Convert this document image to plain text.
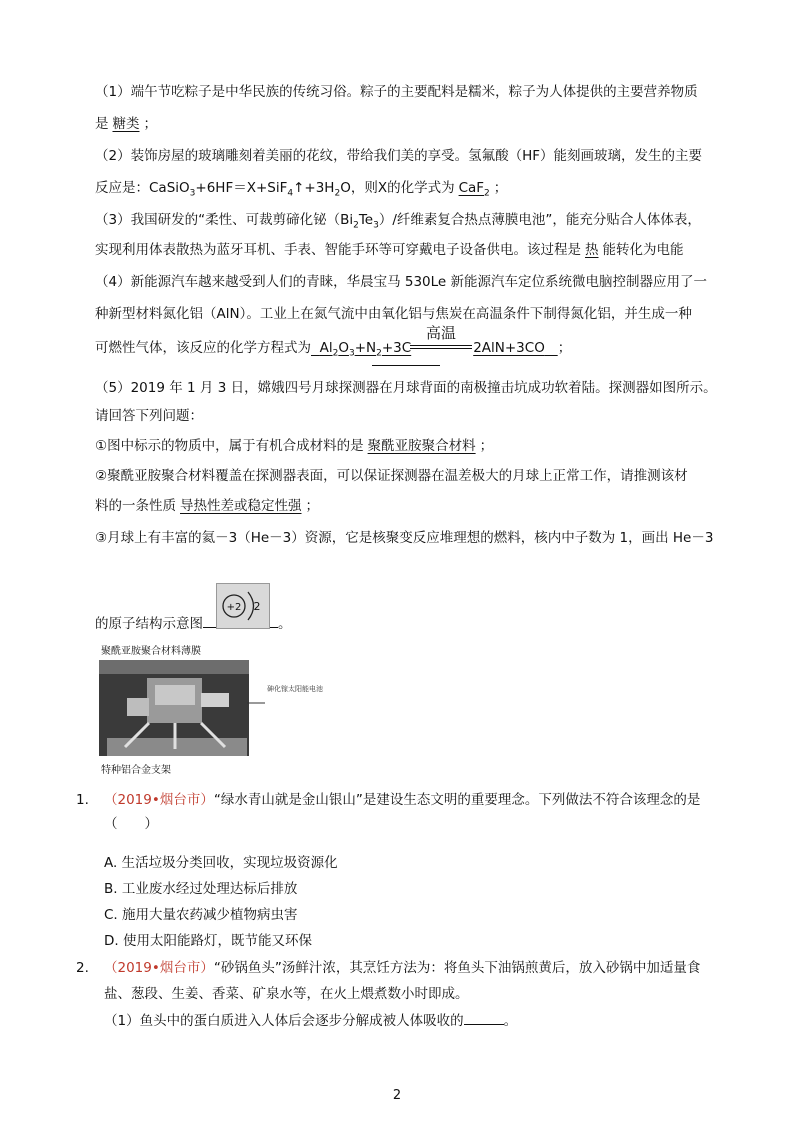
（1）端午节吃粽子是中华民族的传统习俗。粽子的主要配料是糯米，粽子为人体提供的主要营养物质
是 糖类 ；
（2）装饰房屋的玻璃雕刻着美丽的花纹，带给我们美的享受。氢氟酸（HF）能刻画玻璃，发生的主要
反应是：$CaSiO_3+6HF=X+SiF_4↑+3H_2O$，则X的化学式为 CaF$_2$ ；
（3）我国研发的“柔性、可裁剪碲化铋$(Bi_2Te_3)/$纤维素复合热点薄膜电池”，能充分贴合人体体表，
实现利用体表散热为蓝牙耳机、手表、智能手环等可穿戴电子设备供电。该过程是 热 能转化为电能
（4）新能源汽车越来越受到人们的青睐，华晨宝马 530Le 新能源汽车定位系统微电脑控制器应用了一
种新型材料氮化铝（AlN）。工业上在氮气流中由氧化铝与焦炭在高温条件下制得氮化铝，并生成一种
可燃性气体，该反应的化学方程式为 $Al_2O_3+N_2+3C$	2AlN+3CO ；
高温
（5）2019 年 1 月 3 日，嫦娥四号月球探测器在月球背面的南极撞击坑成功软着陆。探测器如图所示。
请回答下列问题：
①图中标示的物质中，属于有机合成材料的是 聚酰亚胺聚合材料 ；
②聚酰亚胺聚合材料覆盖在探测器表面，可以保证探测器在温差极大的月球上正常工作，请推测该材
料的一条性质 导热性差或稳定性强 ；
③月球上有丰富的氦－3（He－3）资源，它是核聚变反应堆理想的燃料，核内中子数为 1，画出 He－3
的原子结构示意图	。
+2 2
聚酰亚胺聚合材料薄膜
砷化镓太阳能电池
特种铝合金支架
1. （2019•烟台市）“绿水青山就是金山银山”是建设生态文明的重要理念。下列做法不符合该理念的是
（　　）
A. 生活垃圾分类回收，实现垃圾资源化
B. 工业废水经过处理达标后排放
C. 施用大量农药减少植物病虫害
D. 使用太阳能路灯，既节能又环保
2. （2019•烟台市）“砂锅鱼头”汤鲜汁浓，其烹饪方法为：将鱼头下油锅煎黄后，放入砂锅中加适量食
盐、葱段、生姜、香菜、矿泉水等，在火上煨煮数小时即成。
（1）鱼头中的蛋白质进入人体后会逐步分解成被人体吸收的	。
2
